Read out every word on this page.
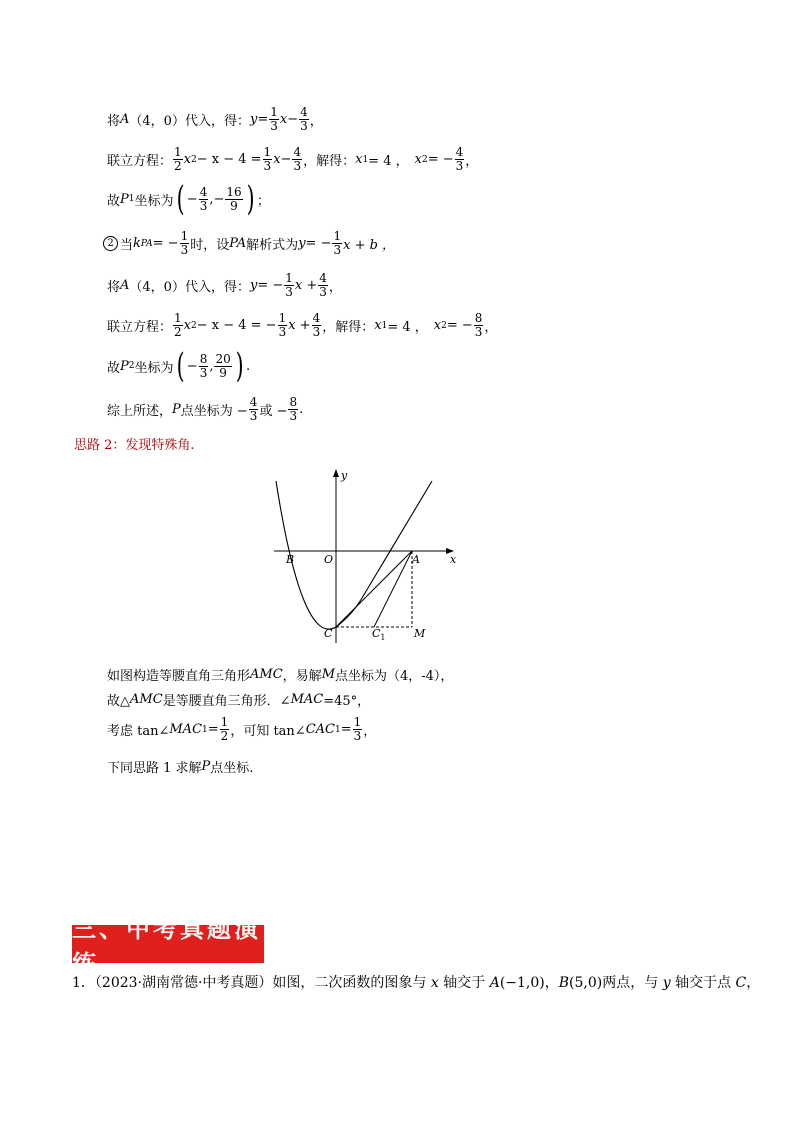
将 A （4，0）代入，得： $y = \frac{1}{3}$ $x - \frac{4}{3}$ ，
联立方程： $\frac{1}{2}$ x $2 - x - 4 = \frac{1}{3}$ $x - \frac{4}{3}$ ，解得： x 1 = 4 ， x 2 = − $\frac{4}{3}$ ，
故 P 1 坐标为 ( − $\frac{4}{3}$ ,− $\frac{16}{9}$ ) ；
2 当 k PA = − $\frac{1}{3}$ 时，设 PA 解析式为 y = − $\frac{1}{3}$ x + b ，
将 A （4，0）代入，得： y = − $\frac{1}{3}$ $x + \frac{4}{3}$ ，
联立方程： $\frac{1}{2}$ x 2 − x − 4 = − $\frac{1}{3}$ $x + \frac{4}{3}$ ，解得： x 1 = 4 ， x 2 = − $\frac{8}{3}$ ，
故 P 2 坐标为 ( − $\frac{8}{3}$ , $\frac{20}{9}$ ) .
综上所述， P 点坐标为 − $\frac{4}{3}$ 或 − $\frac{8}{3}$ .
思路 2：发现特殊角.
y
x
B	O	A
C	$C_1$	M
如图构造等腰直角三角形 AMC ，易解 M 点坐标为（4，-4），
故△ AMC 是等腰直角三角形．∠ MAC =45°，
考虑 tan∠ MAC $1 = \frac{1}{2}$ ，可知 tan∠ CAC $1 = \frac{1}{3}$ ，
下同思路 1 求解 P 点坐标.
三、中考真题演练
1．（2023·湖南常德·中考真题）如图，二次函数的图象与 x 轴交于 A(−1,0)，B(5,0)两点，与 y 轴交于点 C，
